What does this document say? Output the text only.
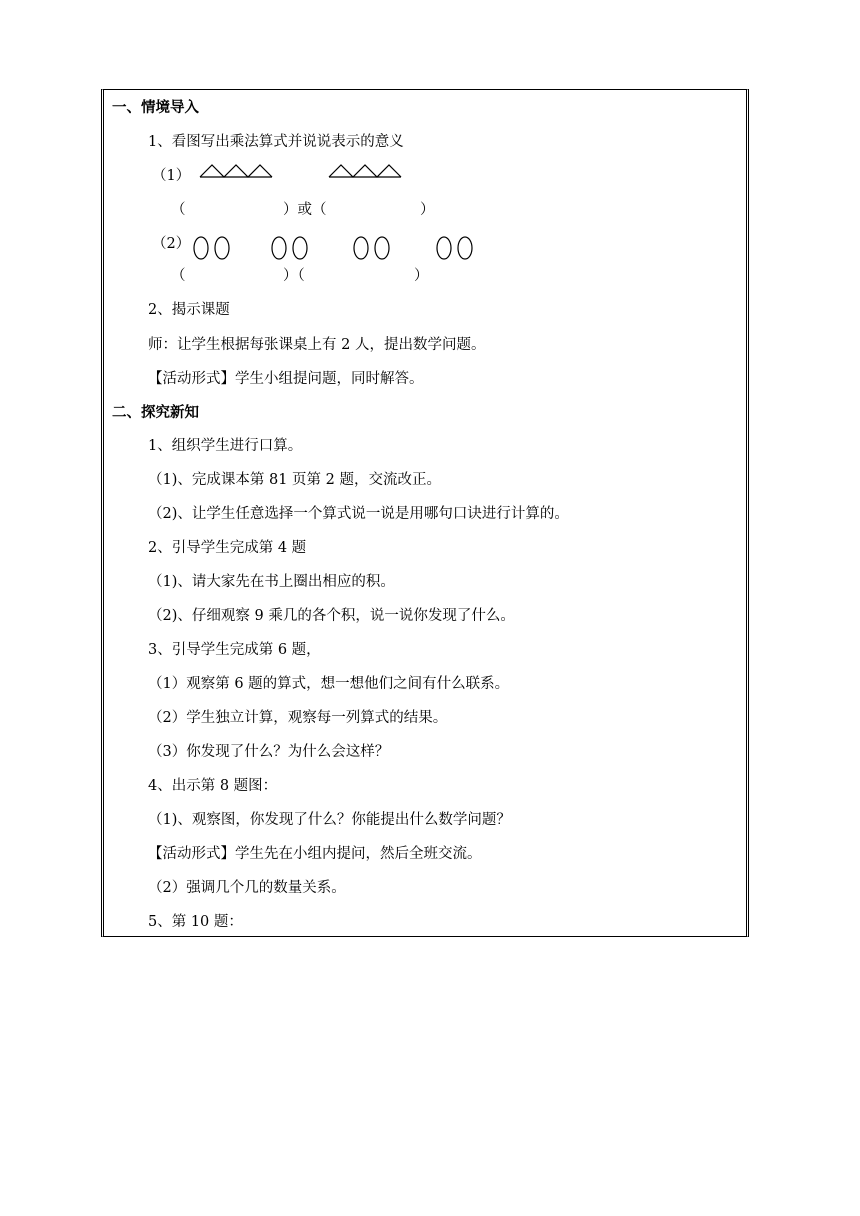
一、情境导入
1、看图写出乘法算式并说说表示的意义
（1）
（	）或（	）
（2）
（	）（	）
2、揭示课题
师：让学生根据每张课桌上有 2 人，提出数学问题。
【活动形式】学生小组提问题，同时解答。
二、探究新知
1、组织学生进行口算。
（1)、完成课本第 81 页第 2 题，交流改正。
（2)、让学生任意选择一个算式说一说是用哪句口诀进行计算的。
2、引导学生完成第 4 题
（1)、请大家先在书上圈出相应的积。
（2)、仔细观察 9 乘几的各个积，说一说你发现了什么。
3、引导学生完成第 6 题，
（1）观察第 6 题的算式，想一想他们之间有什么联系。
（2）学生独立计算，观察每一列算式的结果。
（3）你发现了什么？为什么会这样？
4、出示第 8 题图：
（1)、观察图，你发现了什么？你能提出什么数学问题？
【活动形式】学生先在小组内提问，然后全班交流。
（2）强调几个几的数量关系。
5、第 10 题：
